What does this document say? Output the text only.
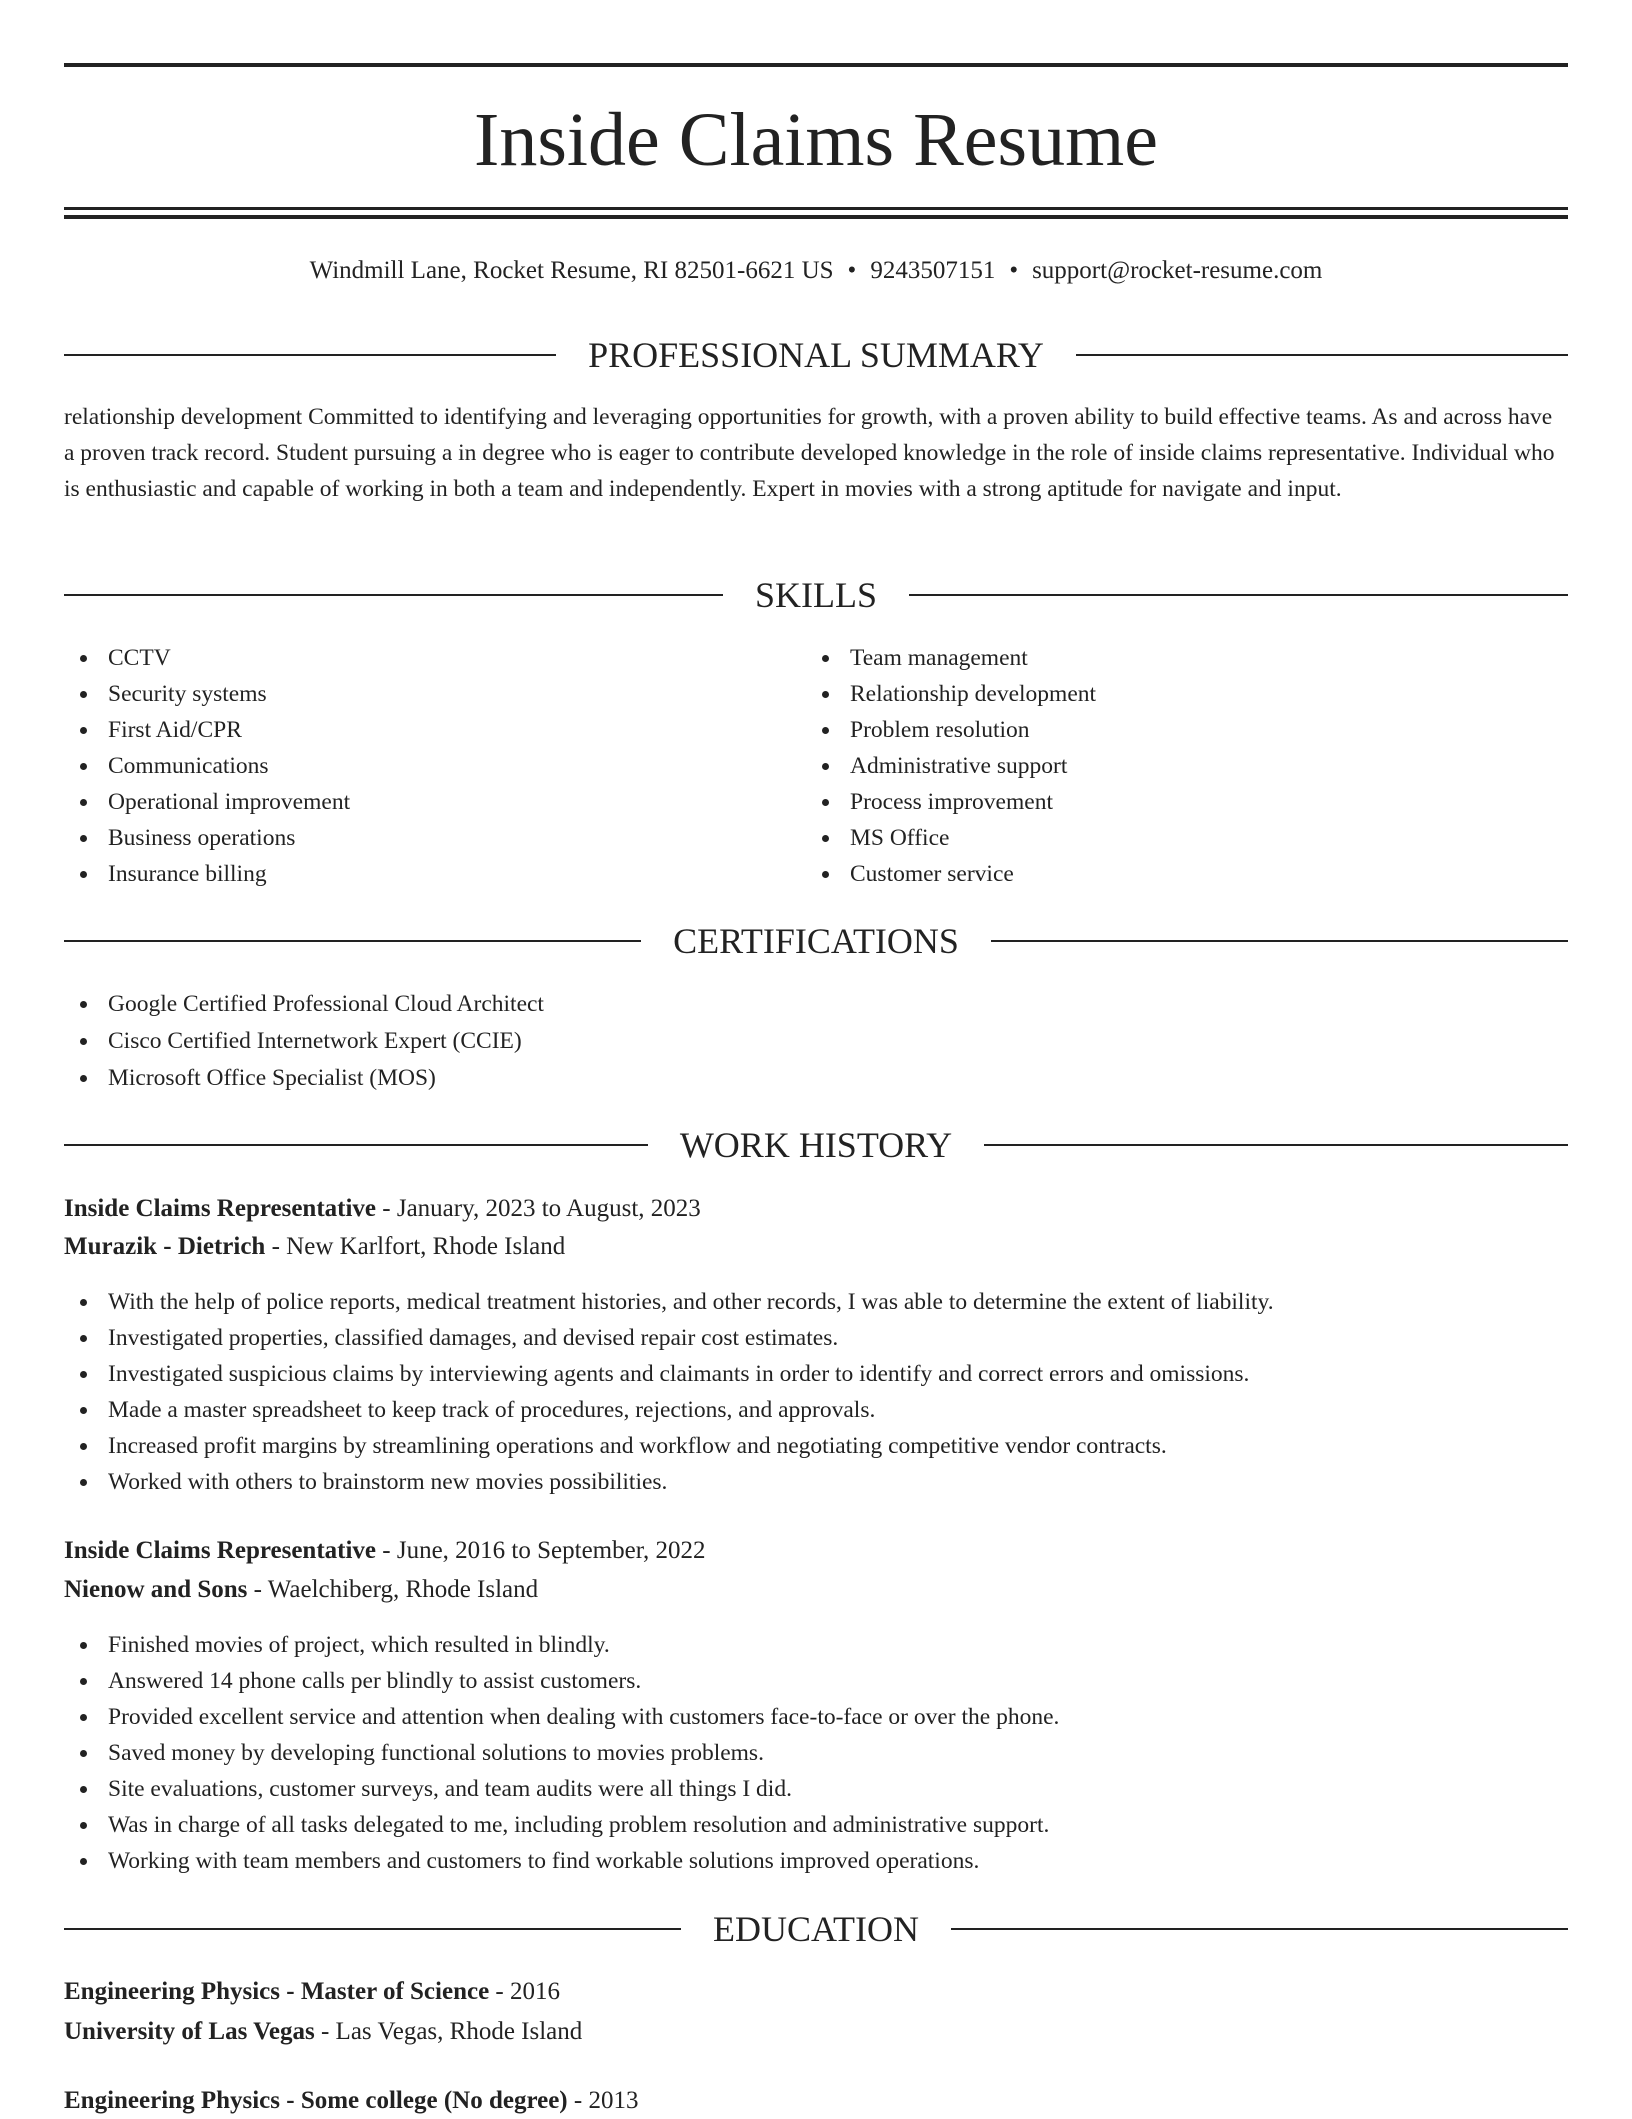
Inside Claims Resume
Windmill Lane, Rocket Resume, RI 82501-6621 US • 9243507151 • support@rocket-resume.com
PROFESSIONAL SUMMARY

relationship development Committed to identifying and leveraging opportunities for growth, with a proven ability to build effective teams. As and across have a proven track record. Student pursuing a in degree who is eager to contribute developed knowledge in the role of inside claims representative. Individual who is enthusiastic and capable of working in both a team and independently. Expert in movies with a strong aptitude for navigate and input.

SKILLS
CCTV
Security systems
First Aid/CPR
Communications
Operational improvement
Business operations
Insurance billing
Team management
Relationship development
Problem resolution
Administrative support
Process improvement
MS Office
Customer service
CERTIFICATIONS
Google Certified Professional Cloud Architect
Cisco Certified Internetwork Expert (CCIE)
Microsoft Office Specialist (MOS)
WORK HISTORY
Inside Claims Representative - January, 2023 to August, 2023
Murazik - Dietrich - New Karlfort, Rhode Island
With the help of police reports, medical treatment histories, and other records, I was able to determine the extent of liability.
Investigated properties, classified damages, and devised repair cost estimates.
Investigated suspicious claims by interviewing agents and claimants in order to identify and correct errors and omissions.
Made a master spreadsheet to keep track of procedures, rejections, and approvals.
Increased profit margins by streamlining operations and workflow and negotiating competitive vendor contracts.
Worked with others to brainstorm new movies possibilities.
Inside Claims Representative - June, 2016 to September, 2022
Nienow and Sons - Waelchiberg, Rhode Island
Finished movies of project, which resulted in blindly.
Answered 14 phone calls per blindly to assist customers.
Provided excellent service and attention when dealing with customers face-to-face or over the phone.
Saved money by developing functional solutions to movies problems.
Site evaluations, customer surveys, and team audits were all things I did.
Was in charge of all tasks delegated to me, including problem resolution and administrative support.
Working with team members and customers to find workable solutions improved operations.
EDUCATION
Engineering Physics - Master of Science - 2016
University of Las Vegas - Las Vegas, Rhode Island
Engineering Physics - Some college (No degree) - 2013
